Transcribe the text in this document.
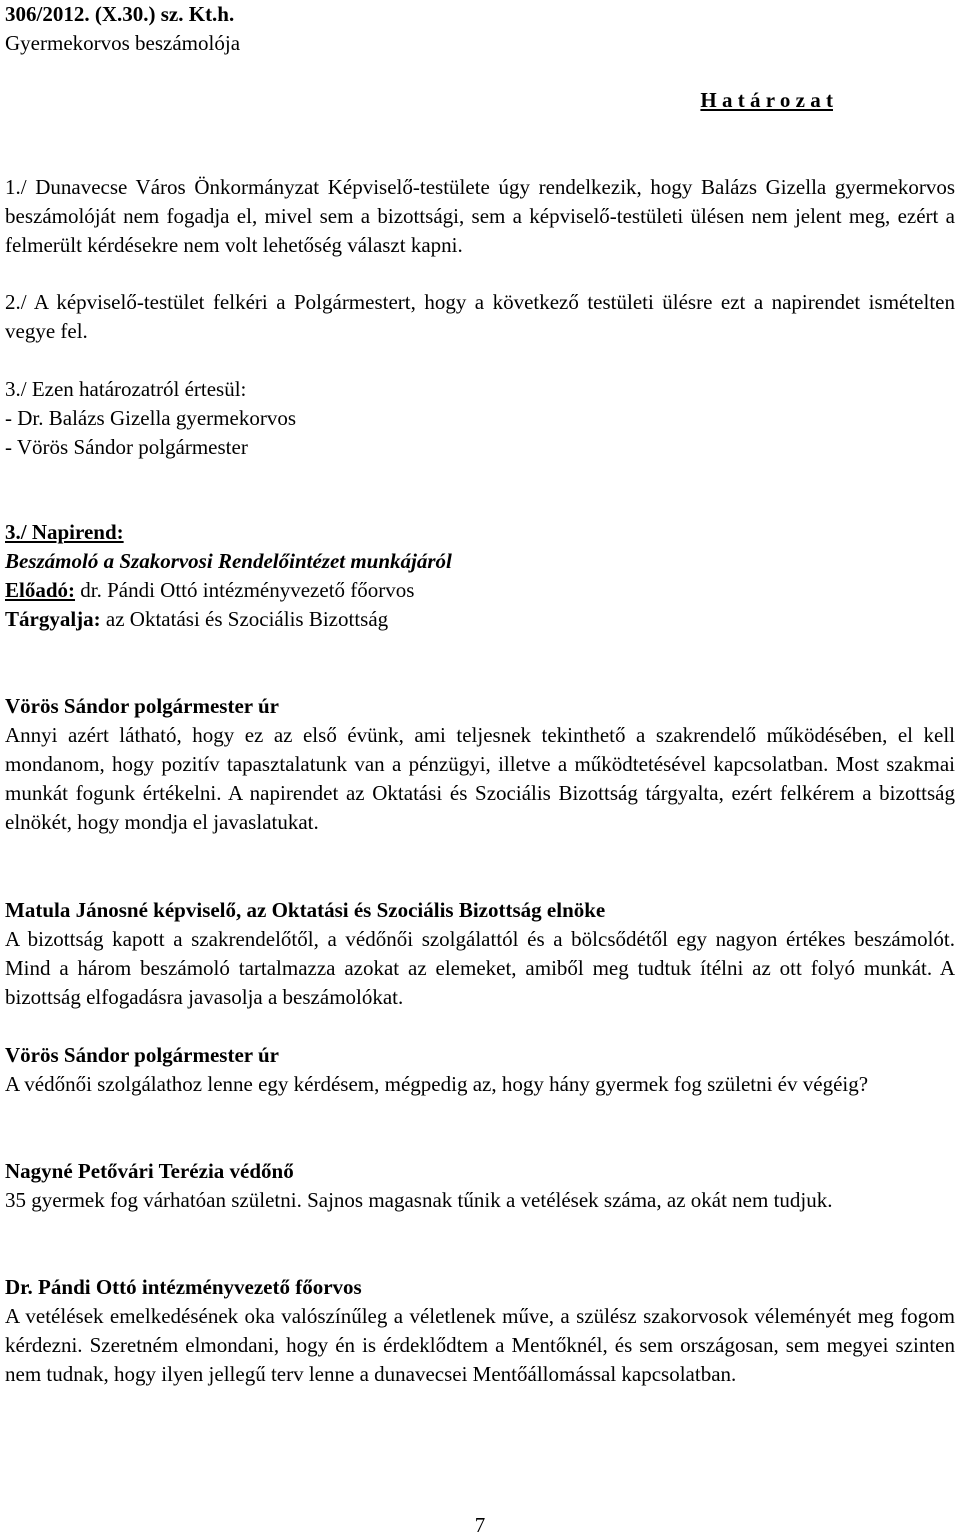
306/2012. (X.30.) sz. Kt.h.

Gyermekorvos beszámolója

H a t á r o z a t

1./ Dunavecse Város Önkormányzat Képviselő-testülete úgy rendelkezik, hogy Balázs Gizella gyermekorvos beszámolóját nem fogadja el, mivel sem a bizottsági, sem a képviselő-testületi ülésen nem jelent meg, ezért a felmerült kérdésekre nem volt lehetőség választ kapni.

2./ A képviselő-testület felkéri a Polgármestert, hogy a következő testületi ülésre ezt a napirendet ismételten vegye fel.

3./ Ezen határozatról értesül:
- Dr. Balázs Gizella gyermekorvos
- Vörös Sándor polgármester
3./ Napirend:
Beszámoló a Szakorvosi Rendelőintézet munkájáról
Előadó: dr. Pándi Ottó intézményvezető főorvos
Tárgyalja: az Oktatási és Szociális Bizottság
Vörös Sándor polgármester úr
Annyi azért látható, hogy ez az első évünk, ami teljesnek tekinthető a szakrendelő működésében, el kell mondanom, hogy pozitív tapasztalatunk van a pénzügyi, illetve a működtetésével kapcsolatban. Most szakmai munkát fogunk értékelni. A napirendet az Oktatási és Szociális Bizottság tárgyalta, ezért felkérem a bizottság elnökét, hogy mondja el javaslatukat.
Matula Jánosné képviselő, az Oktatási és Szociális Bizottság elnöke
A bizottság kapott a szakrendelőtől, a védőnői szolgálattól és a bölcsődétől egy nagyon értékes beszámolót. Mind a három beszámoló tartalmazza azokat az elemeket, amiből meg tudtuk ítélni az ott folyó munkát. A bizottság elfogadásra javasolja a beszámolókat.
Vörös Sándor polgármester úr
A védőnői szolgálathoz lenne egy kérdésem, mégpedig az, hogy hány gyermek fog születni év végéig?
Nagyné Petővári Terézia védőnő
35 gyermek fog várhatóan születni. Sajnos magasnak tűnik a vetélések száma, az okát nem tudjuk.
Dr. Pándi Ottó intézményvezető főorvos
A vetélések emelkedésének oka valószínűleg a véletlenek műve, a szülész szakorvosok véleményét meg fogom kérdezni. Szeretném elmondani, hogy én is érdeklődtem a Mentőknél, és sem országosan, sem megyei szinten nem tudnak, hogy ilyen jellegű terv lenne a dunavecsei Mentőállomással kapcsolatban.

7
